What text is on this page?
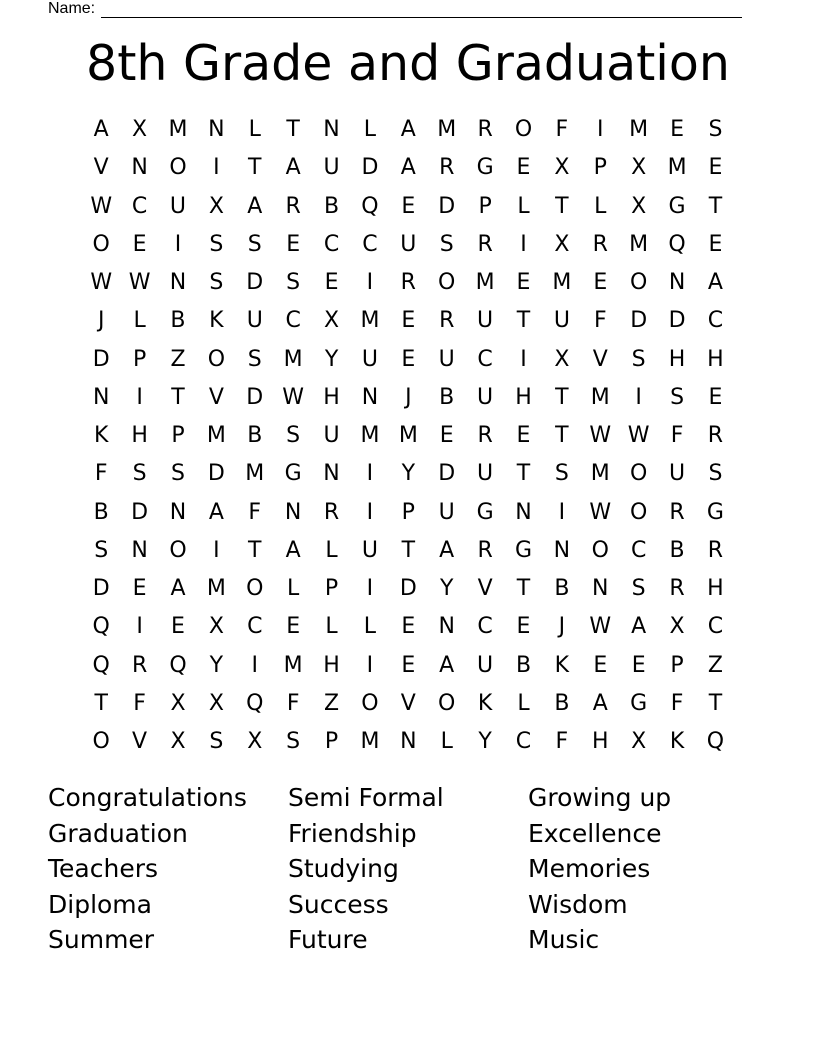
Name:
8th Grade and Graduation
A	X M N	L	T	N	L	A M R	O	F	I	M E	S
V	N O	I	T	A	U D	A	R	G	E	X	P	X M E
W C	U	X	A	R	B	Q	E	D	P	L	T	L	X	G	T
O	E	I	S	S	E	C	C	U	S	R	I	X	R M Q	E
W W N	S	D	S	E	I	R	O M E M E	O N	A
J	L	B	K	U	C	X M E	R	U	T	U	F	D D	C
D	P	Z	O	S M	Y	U	E	U	C	I	X	V	S	H H
N	I	T	V	D W H N	J	B	U	H	T	M	I	S	E
K	H	P	M B	S	U M M E	R	E	T W W F	R
F	S	S	D M G N	I	Y	D U	T	S M O U	S
B	D N	A	F	N	R	I	P	U G N	I	W O	R	G
S	N O	I	T	A	L	U	T	A	R	G N O	C	B	R
D	E	A M O	L	P	I	D	Y	V	T	B	N	S	R	H
Q	I	E	X	C	E	L	L	E	N	C	E	J	W A	X	C
Q	R	Q	Y	I	M H	I	E	A	U	B	K	E	E	P	Z
T	F	X	X	Q	F	Z	O	V	O	K	L	B	A	G	F	T
O	V	X	S	X	S	P	M N	L	Y	C	F	H	X	K	Q
Congratulations	Semi Formal	Growing up
Graduation	Friendship	Excellence
Teachers	Studying	Memories
Diploma	Success	Wisdom
Summer	Future	Music
